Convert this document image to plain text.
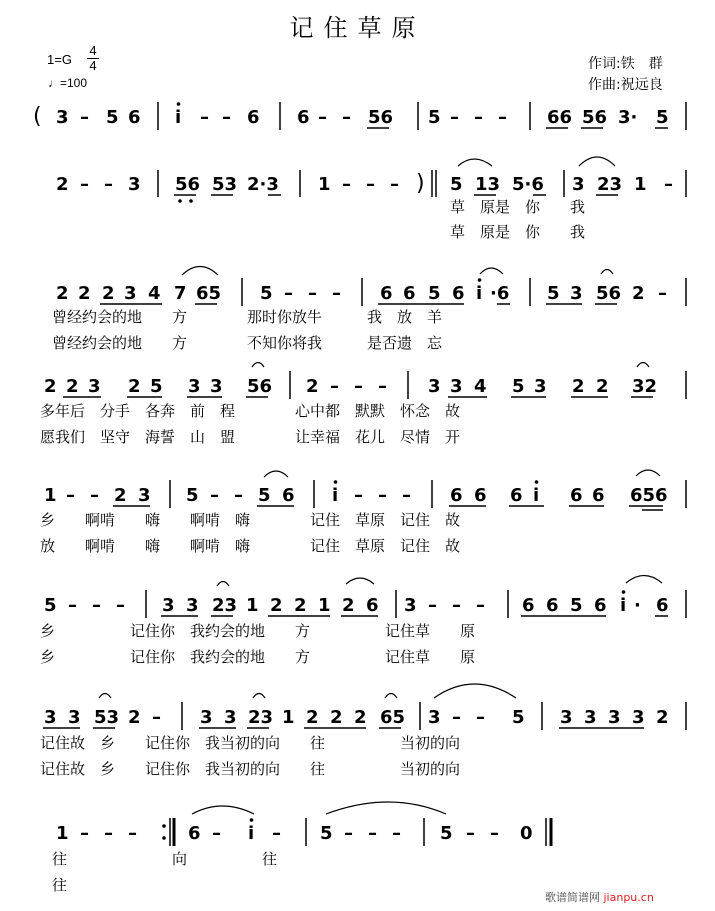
记住草原
$1=G \frac{4}{4}$
♩=100
作词:铁　群
作曲:祝远良
( 3 – 5 6 i – – 6 6 – – 56 5 – – – 66 56 3· 5
2 – – 3 56 53 2·3 1 – – – ) 5 13 5·6 3 23 1 –
2 2 2 3 4 7 65 5 – – – 6 6 5 6 i ·6 5 3 56 2 –
2 2 3 2 5 3 3 56 2 – – – 3 3 4 5 3 2 2 32
1 – – 2 3 5 – – 5 6 i – – – 6 6 6 i 6 6 656
5 – – – 3 3 23 1 2 2 1 2 6 3 – – – 6 6 5 6 i · 6
3 3 53 2 – 3 3 23 1 2 2 2 65 3 – – 5 3 3 3 3 2
1 – – –	6 – i – 5 – – – 5 – – 0
草　原是　你　　我
草　原是　你　　我
曾经约会的地　　方　　　　那时你放牛　　　我　放　羊
曾经约会的地　　方　　　　不知你将我　　　是否遗　忘
多年后　分手　各奔　前　程　　　　心中都　默默　怀念　故
愿我们　坚守　海誓　山　盟　　　　让幸福　花儿　尽情　开
乡　　啊啃　　嗨　　啊啃　嗨　　　　记住　草原　记住　故
放　　啊啃　　嗨　　啊啃　嗨　　　　记住　草原　记住　故
乡　　　　　记住你　我约会的地　　方　　　　　记住草　　原
乡　　　　　记住你　我约会的地　　方　　　　　记住草　　原
记住故　乡　　记住你　我当初的向　　往　　　　　当初的向
记住故　乡　　记住你　我当初的向　　往　　　　　当初的向
往　　　　　　　向　　　　　往
往
歌谱简谱网 jianpu.cn
